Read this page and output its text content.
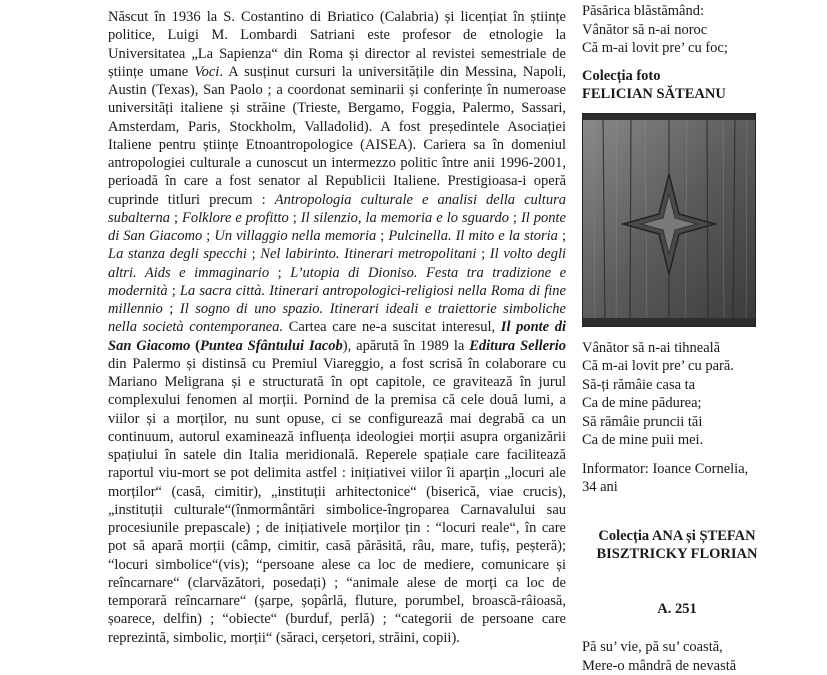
Născut în 1936 la S. Costantino di Briatico (Calabria) și licențiat în științe politice, Luigi M. Lombardi Satriani este profesor de etnologie la Universitatea „La Sapienza“ din Roma și director al revistei semestriale de științe umane Voci. A susținut cursuri la universitățile din Messina, Napoli, Austin (Texas), San Paolo ; a coordonat seminarii și conferințe în numeroase universități italiene și străine (Trieste, Bergamo, Foggia, Palermo, Sassari, Amsterdam, Paris, Stockholm, Valladolid). A fost președintele Asociației Italiene pentru științe Etnoantropologice (AISEA). Cariera sa în domeniul antropologiei culturale a cunoscut un intermezzo politic între anii 1996-2001, perioadă în care a fost senator al Republicii Italiene. Prestigioasa-i operă cuprinde titluri precum : Antropologia culturale e analisi della cultura subalterna ; Folklore e profitto ; Il silenzio, la memoria e lo sguardo ; Il ponte di San Giacomo ; Un villaggio nella memoria ; Pulcinella. Il mito e la storia ; La stanza degli specchi ; Nel labirinto. Itinerari metropolitani ; Il volto degli altri. Aids e immaginario ; L’utopia di Dioniso. Festa tra tradizione e modernità ; La sacra città. Itinerari antropologici-religiosi nella Roma di fine millennio ; Il sogno di uno spazio. Itinerari ideali e traiettorie simboliche nella società contemporanea. Cartea care ne-a suscitat interesul, Il ponte di San Giacomo (Puntea Sfântului Iacob), apărută în 1989 la Editura Sellerio din Palermo și distinsă cu Premiul Viareggio, a fost scrisă în colaborare cu Mariano Meligrana și e structurată în opt capitole, ce gravitează în jurul complexului fenomen al morții. Pornind de la premisa că cele două lumi, a viilor și a morților, nu sunt opuse, ci se configurează mai degrabă ca un continuum, autorul examinează influența ideologiei morții asupra organizării spațiului în satele din Italia meridională. Reperele spațiale care facilitează raportul viu-mort se pot delimita astfel : inițiativei viilor îi aparțin „locuri ale morților“ (casă, cimitir), „instituții arhitectonice“ (biserică, viae crucis), „instituții culturale“(înmormântări simbolice-îngroparea Carnavalului sau procesiunile prepascale) ; de inițiativele morților țin : “locuri reale“, în care pot să apară morții (câmp, cimitir, casă părăsită, râu, mare, tufiș, peșteră); “locuri simbolice“(vis); “persoane alese ca loc de mediere, comunicare și reîncarnare“ (clarvăzători, posedați) ; “animale alese de morți ca loc de temporară reîncarnare“ (șarpe, șopârlă, fluture, porumbel, broască-râioasă, șoarece, delfin) ; “obiecte“ (burduf, perlă) ; “categorii de persoane care reprezintă, simbolic, morții“ (săraci, cerșetori, străini, copii).

Păsărica blăstămând:
Vânător să n-ai noroc
Că m-ai lovit pre’ cu foc;
Colecția foto
FELICIAN SĂTEANU
Vânător să n-ai tihneală
Că m-ai lovit pre’ cu pară.
Să-ți rămâie casa ta
Ca de mine pădurea;
Să rămâie pruncii tăi
Ca de mine puii mei.
Informator: Ioance Cornelia,
34 ani
Colecția ANA și ȘTEFAN
BISZTRICKY FLORIAN
A. 251
Pă su’ vie, pă su’ coastă,
Mere-o mândră de nevastă
